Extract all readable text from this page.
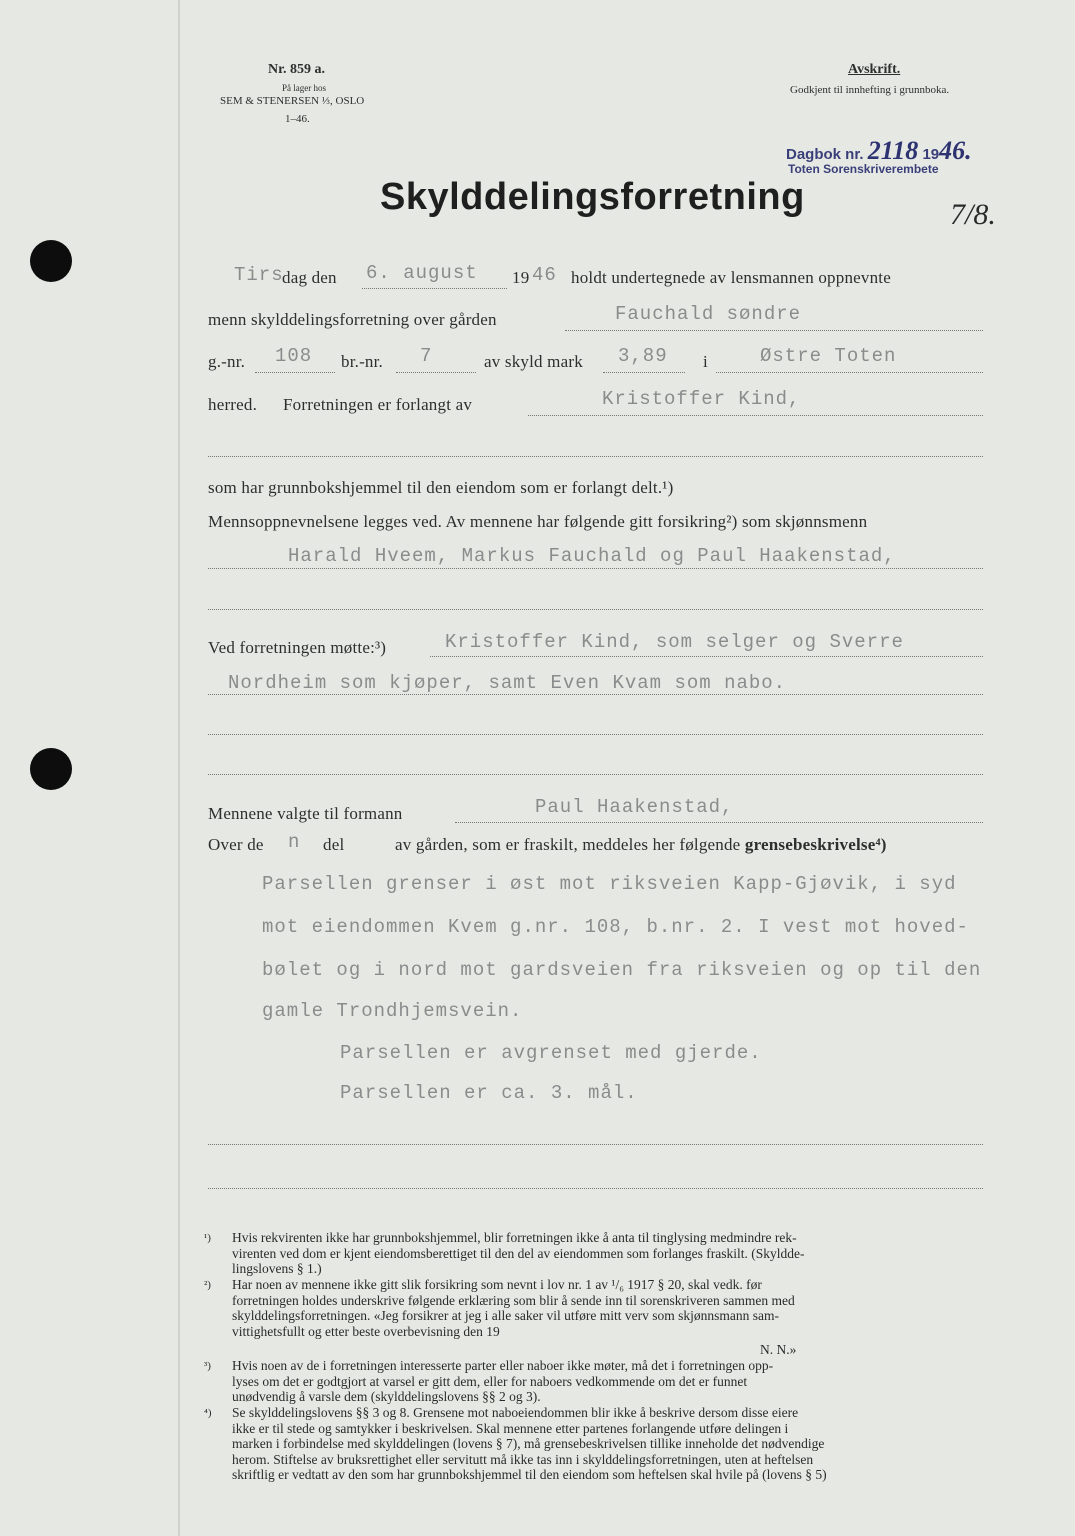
Nr. 859 a.
På lager hos
SEM & STENERSEN ⅓, OSLO
1–46.
Avskrift.
Godkjent til innhefting i grunnboka.
Dagbok nr. 2118 1946.
Toten Sorenskriverembete
7/8.
Skylddelingsforretning
Tirs
dag den 6. august 19 46 holdt undertegnede av lensmannen oppnevnte
menn skylddelingsforretning over gården	Fauchald søndre
g.-nr. 108 br.-nr. 7	av skyld mark 3,89 i	Østre Toten
herred. Forretningen er forlangt av	Kristoffer Kind,
som har grunnbokshjemmel til den eiendom som er forlangt delt.¹)
Mennsoppnevnelsene legges ved. Av mennene har følgende gitt forsikring²) som skjønnsmenn
Harald Hveem, Markus Fauchald og Paul Haakenstad,
Ved forretningen møtte:³)	Kristoffer Kind, som selger og Sverre
Nordheim som kjøper, samt Even Kvam som nabo.
Mennene valgte til formann	Paul Haakenstad,
Over de n del	av gården, som er fraskilt, meddeles her følgende grensebeskrivelse⁴)
Parsellen grenser i øst mot riksveien Kapp-Gjøvik, i syd
mot eiendommen Kvem g.nr. 108, b.nr. 2. I vest mot hoved-
bølet og i nord mot gardsveien fra riksveien og op til den
gamle Trondhjemsvein.
Parsellen er avgrenset med gjerde.
Parsellen er ca. 3. mål.
¹) Hvis rekvirenten ikke har grunnbokshjemmel, blir forretningen ikke å anta til tinglysing medmindre rek-
virenten ved dom er kjent eiendomsberettiget til den del av eiendommen som forlanges fraskilt. (Skyldde-
lingslovens § 1.)
²) Har noen av mennene ikke gitt slik forsikring som nevnt i lov nr. 1 av ¹/₆ 1917 § 20, skal vedk. før
forretningen holdes underskrive følgende erklæring som blir å sende inn til sorenskriveren sammen med
skylddelingsforretningen. «Jeg forsikrer at jeg i alle saker vil utføre mitt verv som skjønnsmann sam-
vittighetsfullt og etter beste overbevisning den 19
N. N.»
³) Hvis noen av de i forretningen interesserte parter eller naboer ikke møter, må det i forretningen opp-
lyses om det er godtgjort at varsel er gitt dem, eller for naboers vedkommende om det er funnet
unødvendig å varsle dem (skylddelingslovens §§ 2 og 3).
⁴) Se skylddelingslovens §§ 3 og 8. Grensene mot naboeiendommen blir ikke å beskrive dersom disse eiere
ikke er til stede og samtykker i beskrivelsen. Skal mennene etter partenes forlangende utføre delingen i
marken i forbindelse med skylddelingen (lovens § 7), må grensebeskrivelsen tillike inneholde det nødvendige
herom. Stiftelse av bruksrettighet eller servitutt må ikke tas inn i skylddelingsforretningen, uten at heftelsen
skriftlig er vedtatt av den som har grunnbokshjemmel til den eiendom som heftelsen skal hvile på (lovens § 5)
